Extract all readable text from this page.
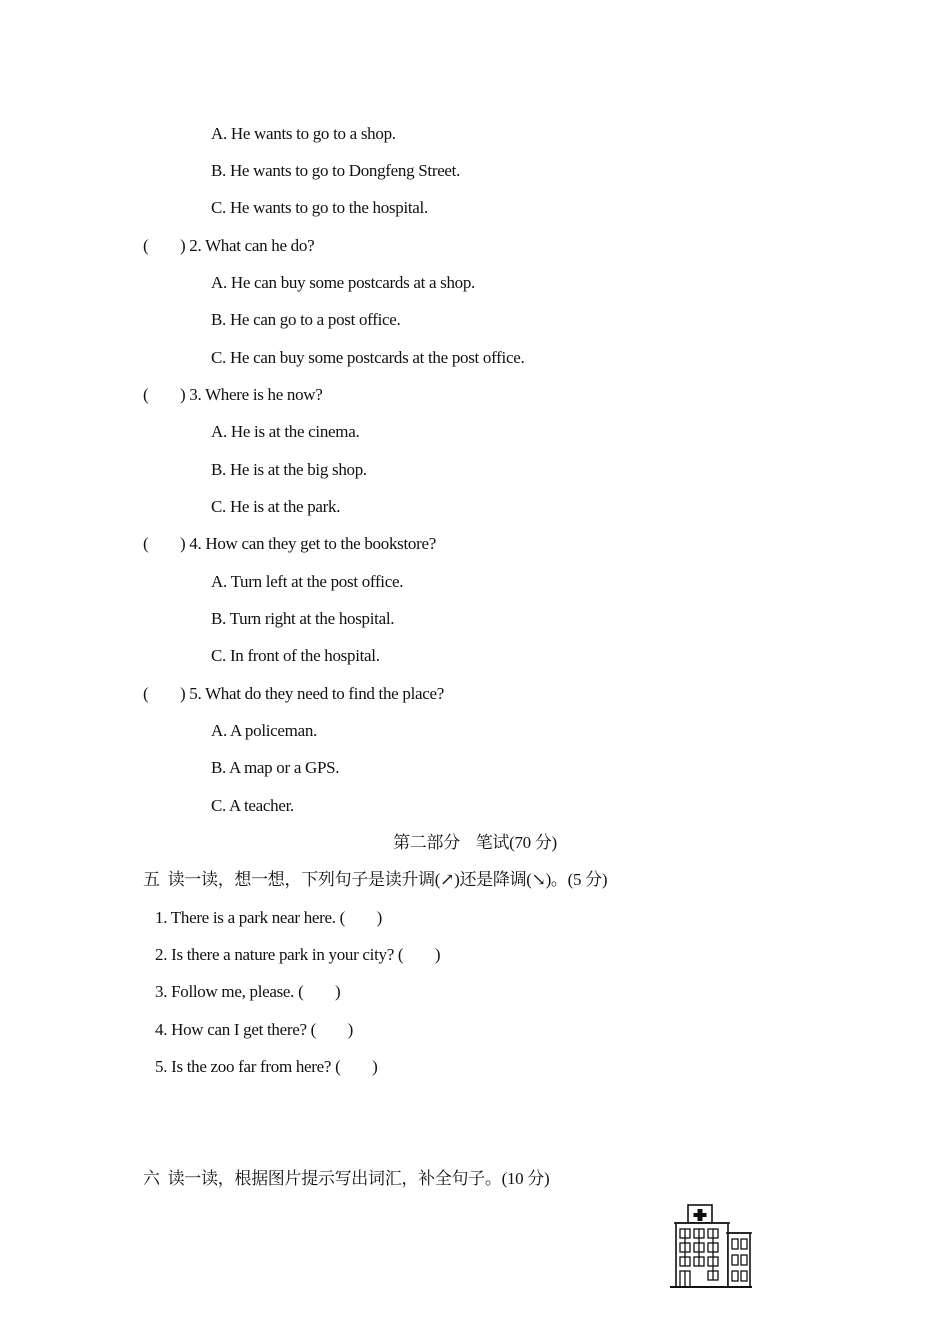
A. He wants to go to a shop.
B. He wants to go to Dongfeng Street.
C. He wants to go to the hospital.
(        ) 2. What can he do?
A. He can buy some postcards at a shop.
B. He can go to a post office.
C. He can buy some postcards at the post office.
(        ) 3. Where is he now?
A. He is at the cinema.
B. He is at the big shop.
C. He is at the park.
(        ) 4. How can they get to the bookstore?
A. Turn left at the post office.
B. Turn right at the hospital.
C. In front of the hospital.
(        ) 5. What do they need to find the place?
A. A policeman.
B. A map or a GPS.
C. A teacher.
第二部分    笔试(70 分)
五  读一读，想一想，下列句子是读升调(↗)还是降调(↘)。(5 分)
1. There is a park near here. (        )
2. Is there a nature park in your city? (        )
3. Follow me, please. (        )
4. How can I get there? (        )
5. Is the zoo far from here? (        )
六  读一读，根据图片提示写出词汇，补全句子。(10 分)
